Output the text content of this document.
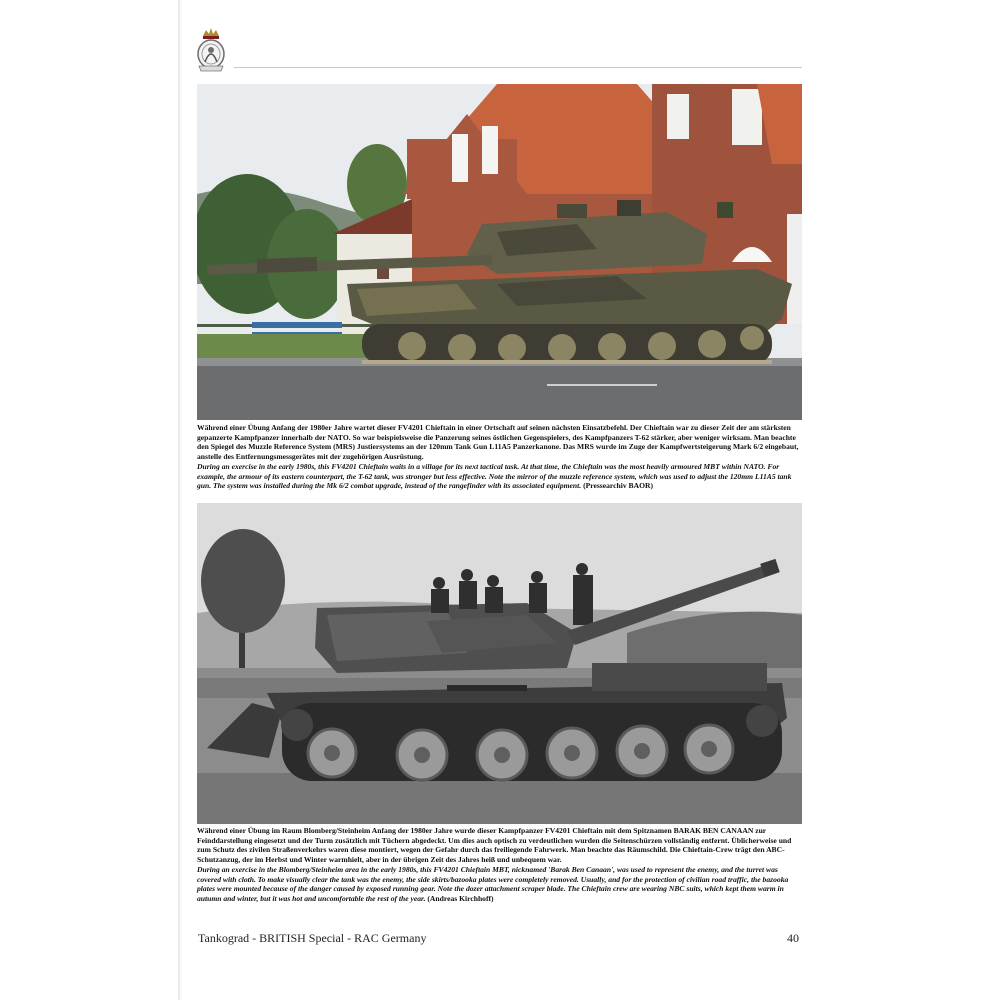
Während einer Übung Anfang der 1980er Jahre wartet dieser FV4201 Chieftain in einer Ortschaft auf seinen nächsten Einsatzbefehl. Der Chieftain war zu dieser Zeit der am stärksten gepanzerte Kampfpanzer innerhalb der NATO. So war beispielsweise die Panzerung seines östlichen Gegenspielers, des Kampfpanzers T-62 stärker, aber weniger wirksam. Man beachte den Spiegel des Muzzle Reference System (MRS) Justiersystems an der 120mm Tank Gun L11A5 Panzerkanone. Das MRS wurde im Zuge der Kampfwertsteigerung Mark 6/2 eingebaut, anstelle des Entfernungsmessgerätes mit der zugehörigen Ausrüstung.

During an exercise in the early 1980s, this FV4201 Chieftain waits in a village for its next tactical task. At that time, the Chieftain was the most heavily armoured MBT within NATO. For example, the armour of its eastern counterpart, the T-62 tank, was stronger but less effective. Note the mirror of the muzzle reference system, which was used to adjust the 120mm L11A5 tank gun. The system was installed during the Mk 6/2 combat upgrade, instead of the rangefinder with its associated equipment. (Pressearchiv BAOR)

Während einer Übung im Raum Blomberg/Steinheim Anfang der 1980er Jahre wurde dieser Kampfpanzer FV4201 Chieftain mit dem Spitznamen BARAK BEN CANAAN zur Feinddarstellung eingesetzt und der Turm zusätzlich mit Tüchern abgedeckt. Um dies auch optisch zu verdeutlichen wurden die Seitenschürzen vollständig entfernt. Üblicherweise und zum Schutz des zivilen Straßenverkehrs waren diese montiert, wegen der Gefahr durch das freiliegende Fahrwerk. Man beachte das Räumschild. Die Chieftain-Crew trägt den ABC-Schutzanzug, der im Herbst und Winter warmhielt, aber in der übrigen Zeit des Jahres heiß und unbequem war.

During an exercise in the Blomberg/Steinheim area in the early 1980s, this FV4201 Chieftain MBT, nicknamed 'Barak Ben Canaan', was used to represent the enemy, and the turret was covered with cloth. To make visually clear the tank was the enemy, the side skirts/bazooka plates were completely removed. Usually, and for the protection of civilian road traffic, the bazooka plates were mounted because of the danger caused by exposed running gear. Note the dozer attachment scraper blade. The Chieftain crew are wearing NBC suits, which kept them warm in autumn and winter, but it was hot and uncomfortable the rest of the year. (Andreas Kirchhoff)

Tankograd - BRITISH Special - RAC Germany	40
